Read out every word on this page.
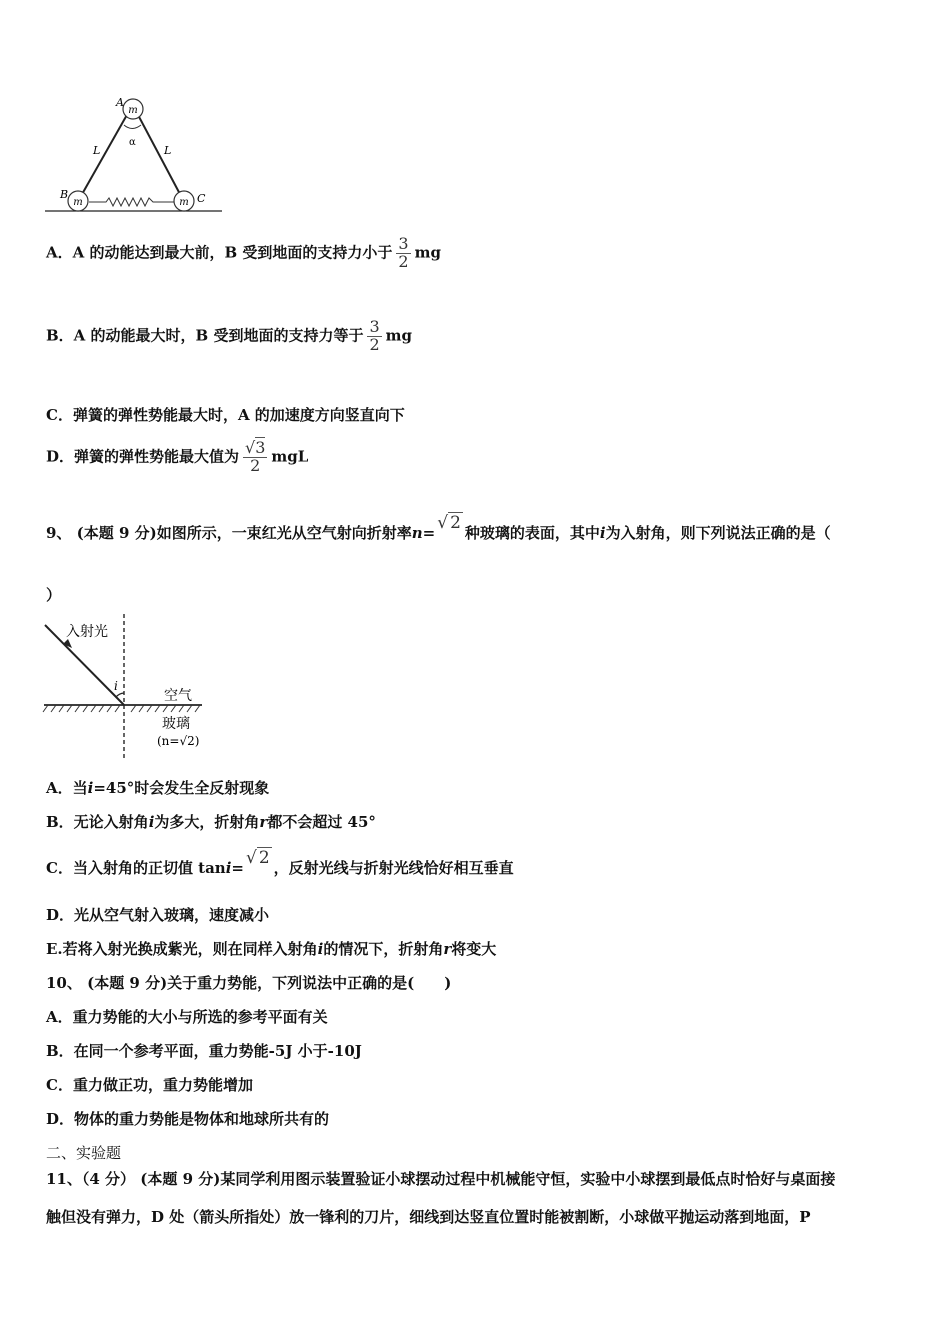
m
m	m
A
B	C
L	L
α
A．A 的动能达到最大前，B 受到地面的支持力小于 $\frac{3}{2}$ mg
B．A 的动能最大时，B 受到地面的支持力等于 $\frac{3}{2}$ mg
C．弹簧的弹性势能最大时，A 的加速度方向竖直向下
D．弹簧的弹性势能最大值为 $\frac{√3}{2}$ mgL
9、 (本题 9 分)如图所示，一束红光从空气射向折射率n= √ 2 种玻璃的表面，其中i为入射角，则下列说法正确的是（
）
入射光
i
空气
玻璃
(n=√2)
A．当i=45°时会发生全反射现象
B．无论入射角i为多大，折射角r都不会超过 45°
C．当入射角的正切值 tani= √ 2 ，反射光线与折射光线恰好相互垂直
D．光从空气射入玻璃，速度减小
E.若将入射光换成紫光，则在同样入射角i的情况下，折射角r将变大
10、 (本题 9 分)关于重力势能，下列说法中正确的是(　　)
A．重力势能的大小与所选的参考平面有关
B．在同一个参考平面，重力势能-5J 小于-10J
C．重力做正功，重力势能增加
D．物体的重力势能是物体和地球所共有的
二、实验题
11、（4 分） (本题 9 分)某同学利用图示装置验证小球摆动过程中机械能守恒，实验中小球摆到最低点时恰好与桌面接
触但没有弹力，D 处（箭头所指处）放一锋利的刀片，细线到达竖直位置时能被割断，小球做平抛运动落到地面，P
